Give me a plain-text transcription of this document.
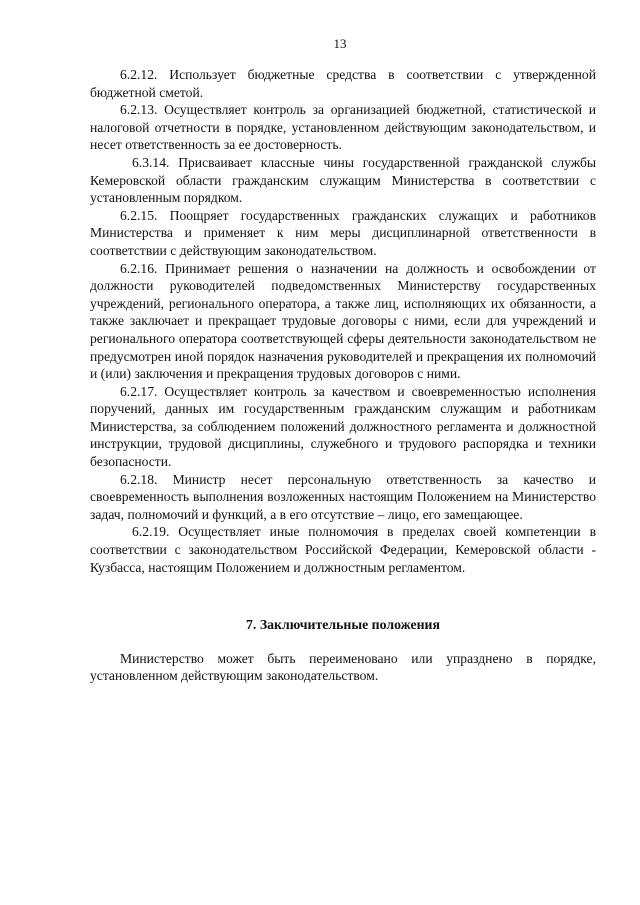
13

6.2.12. Использует бюджетные средства в соответствии с утвержденной бюджетной сметой.

6.2.13. Осуществляет контроль за организацией бюджетной, статистической и налоговой отчетности в порядке, установленном действующим законодательством, и несет ответственность за ее достоверность.

6.3.14. Присваивает классные чины государственной гражданской службы Кемеровской области гражданским служащим Министерства в соответствии с установленным порядком.

6.2.15. Поощряет государственных гражданских служащих и работников Министерства и применяет к ним меры дисциплинарной ответственности в соответствии с действующим законодательством.

6.2.16. Принимает решения о назначении на должность и освобождении от должности руководителей подведомственных Министерству государственных учреждений, регионального оператора, а также лиц, исполняющих их обязанности, а также заключает и прекращает трудовые договоры с ними, если для учреждений и регионального оператора соответствующей сферы деятельности законодательством не предусмотрен иной порядок назначения руководителей и прекращения их полномочий и (или) заключения и прекращения трудовых договоров с ними.

6.2.17. Осуществляет контроль за качеством и своевременностью исполнения поручений, данных им государственным гражданским служащим и работникам Министерства, за соблюдением положений должностного регламента и должностной инструкции, трудовой дисциплины, служебного и трудового распорядка и техники безопасности.

6.2.18. Министр несет персональную ответственность за качество и своевременность выполнения возложенных настоящим Положением на Министерство задач, полномочий и функций, а в его отсутствие – лицо, его замещающее.

6.2.19. Осуществляет иные полномочия в пределах своей компетенции в соответствии с законодательством Российской Федерации, Кемеровской области - Кузбасса, настоящим Положением и должностным регламентом.

7. Заключительные положения

Министерство может быть переименовано или упразднено в порядке, установленном действующим законодательством.
